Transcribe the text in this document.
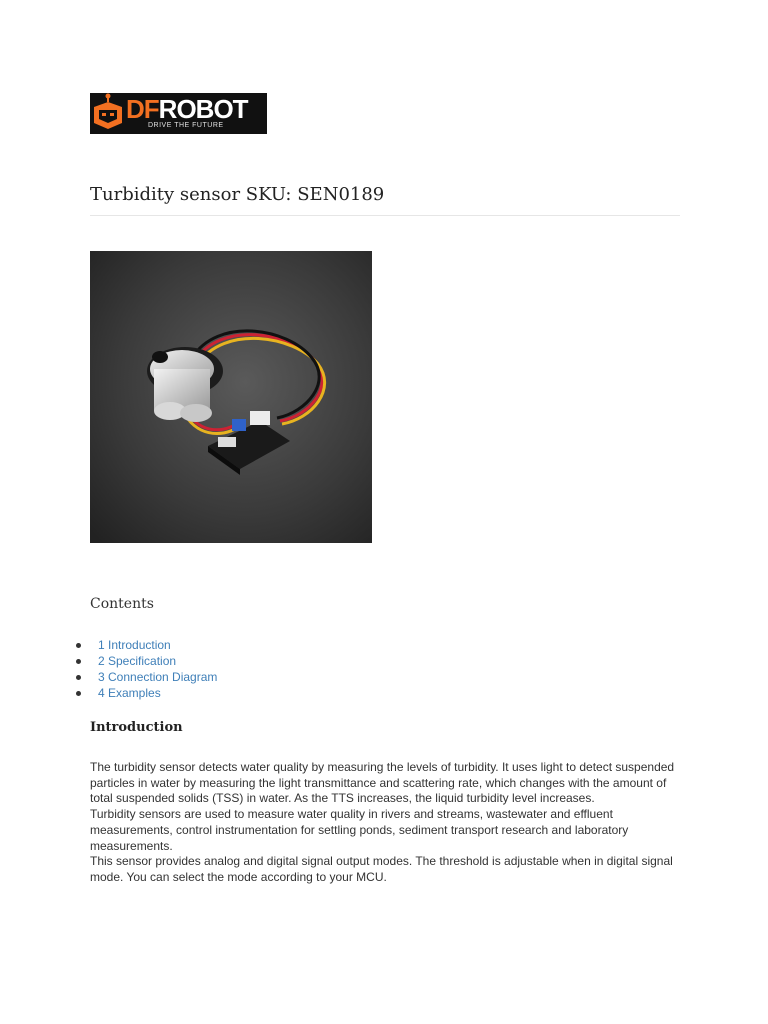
DFROBOT
DRIVE THE FUTURE
Turbidity sensor SKU: SEN0189
Contents
1 Introduction
2 Specification
3 Connection Diagram
4 Examples
Introduction

The turbidity sensor detects water quality by measuring the levels of turbidity. It uses light to detect suspended particles in water by measuring the light transmittance and scattering rate, which changes with the amount of total suspended solids (TSS) in water. As the TTS increases, the liquid turbidity level increases.

Turbidity sensors are used to measure water quality in rivers and streams, wastewater and effluent measurements, control instrumentation for settling ponds, sediment transport research and laboratory measurements.

This sensor provides analog and digital signal output modes. The threshold is adjustable when in digital signal mode. You can select the mode according to your MCU.
